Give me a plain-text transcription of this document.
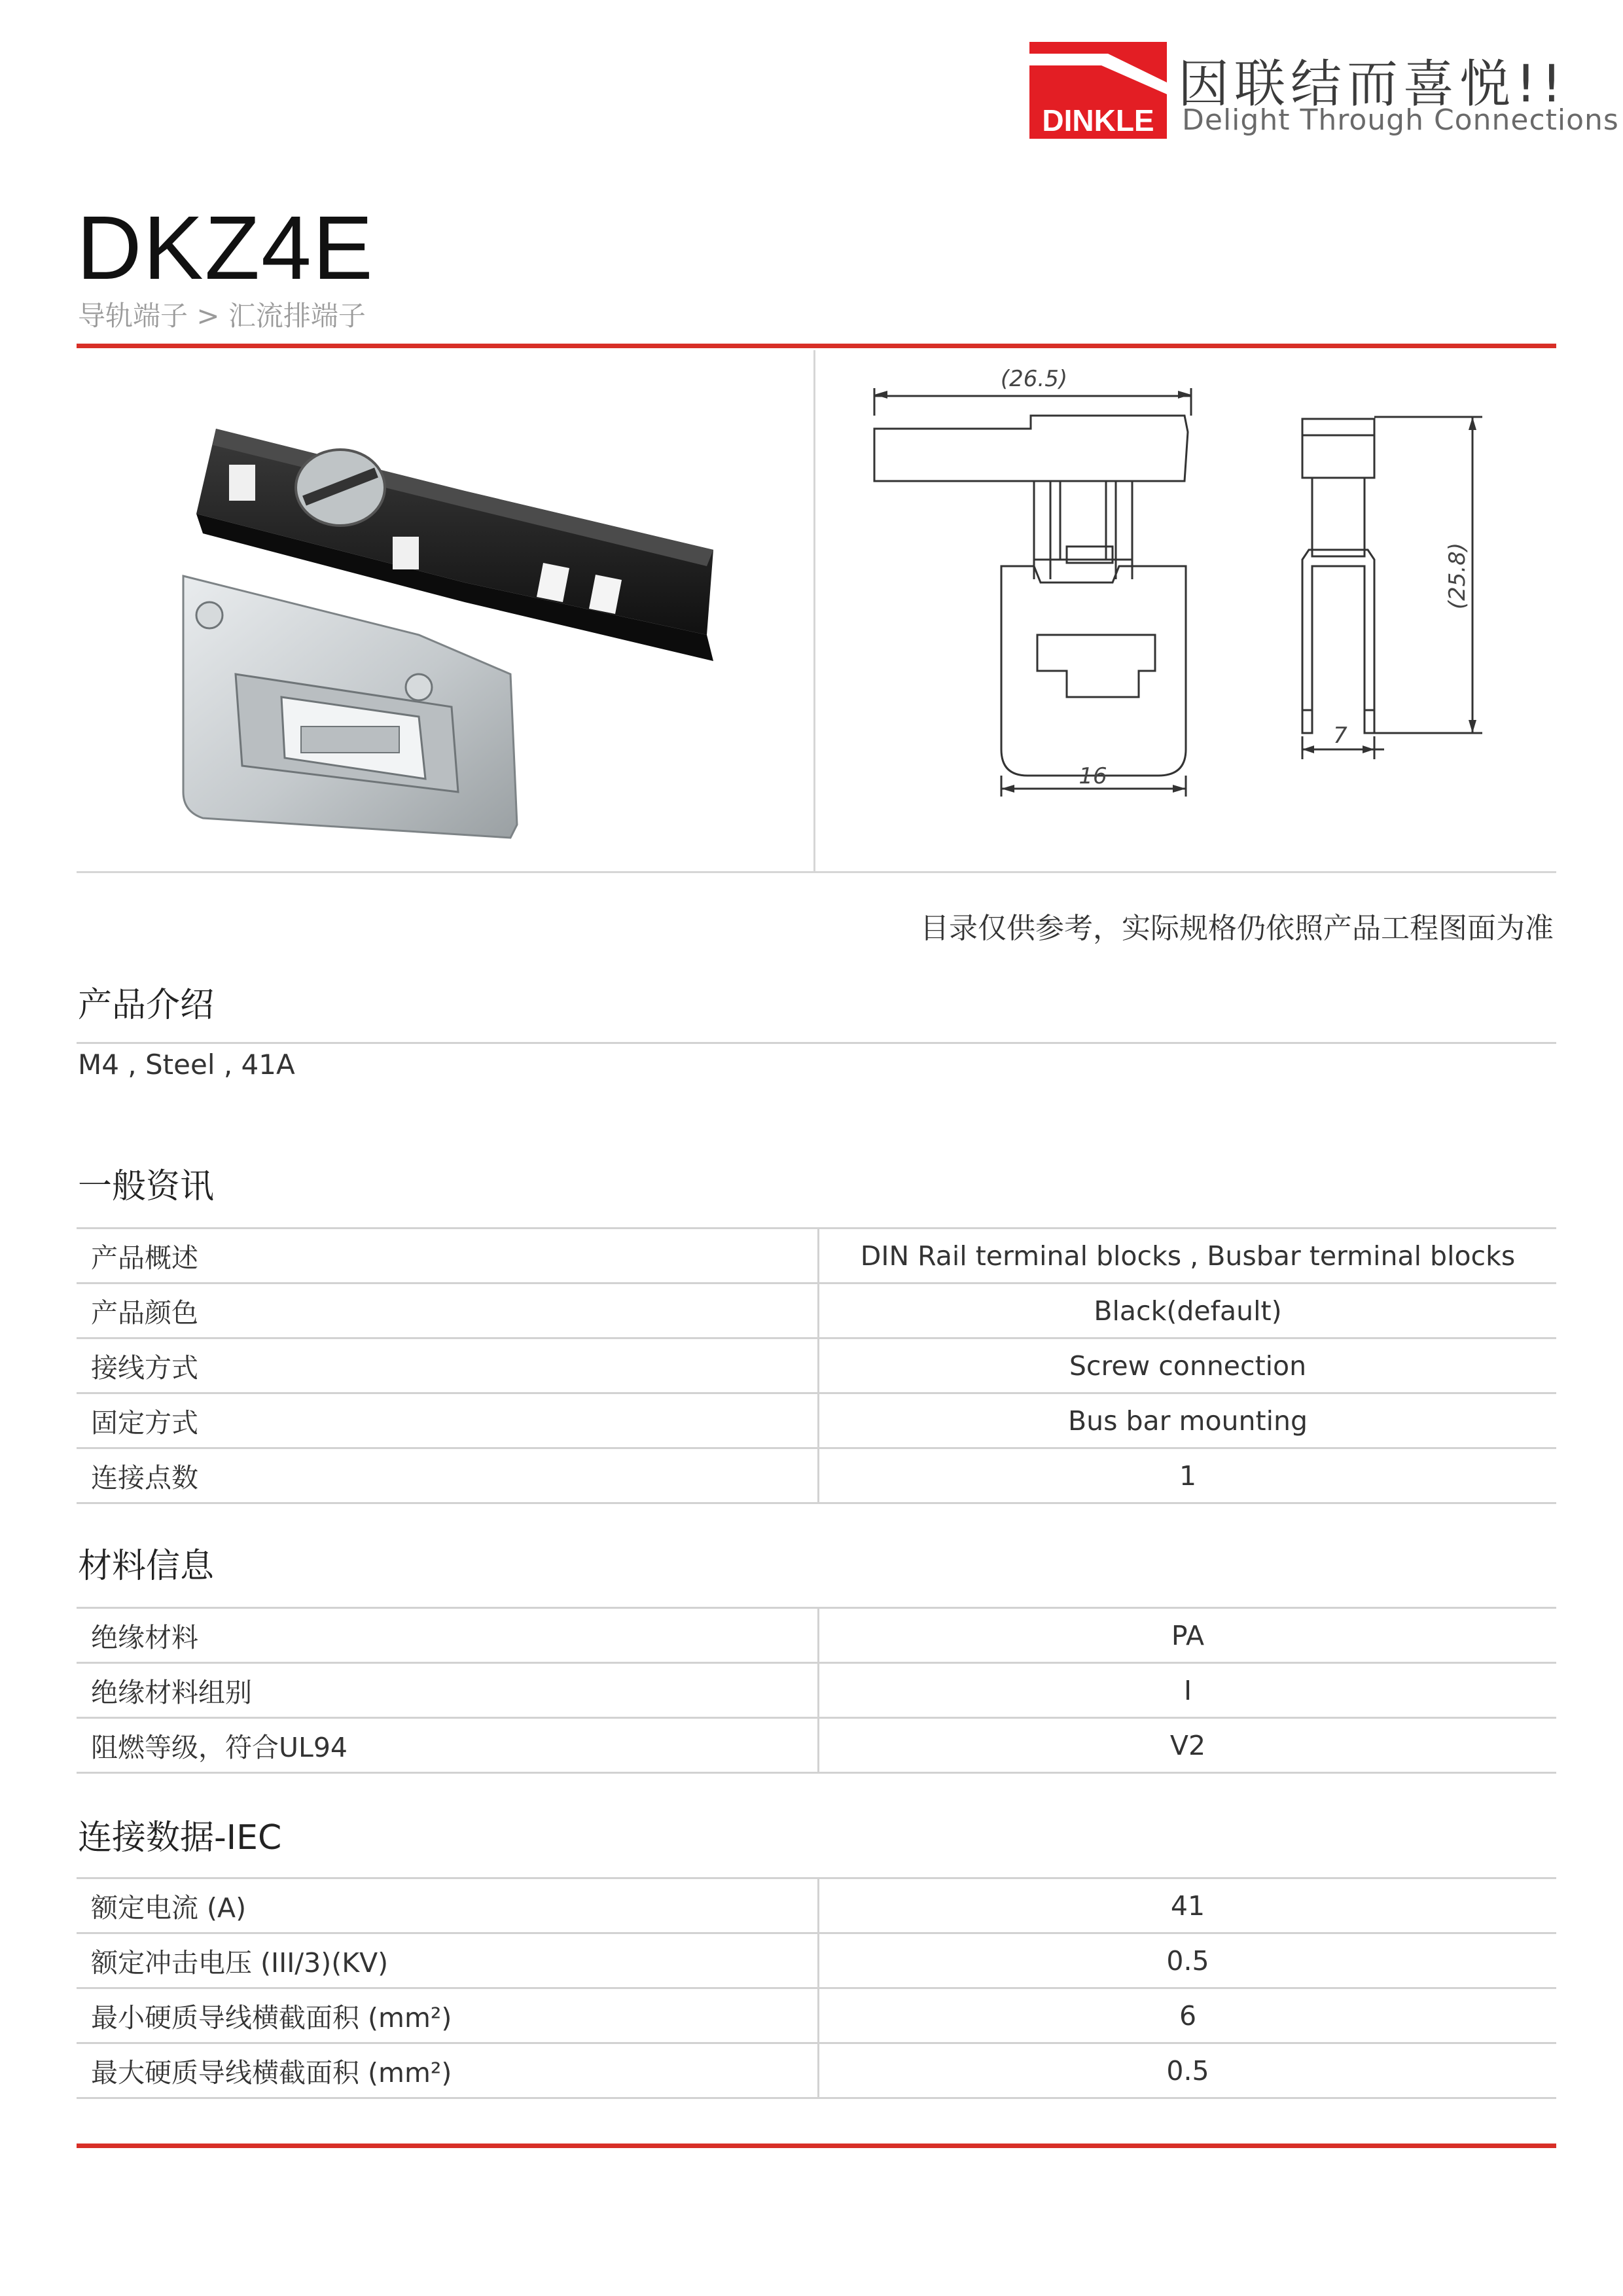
DINKLE
因联结而喜悦!!
Delight Through Connections
DKZ4E
导轨端子 > 汇流排端子
(26.5)
16
7
(25.8)
目录仅供参考，实际规格仍依照产品工程图面为准
产品介绍
M4 , Steel , 41A
一般资讯
产品概述	DIN Rail terminal blocks , Busbar terminal blocks
产品颜色	Black(default)
接线方式	Screw connection
固定方式	Bus bar mounting
连接点数	1
材料信息
绝缘材料	PA
绝缘材料组别	I
阻燃等级，符合UL94	V2
连接数据-IEC
额定电流 (A)	41
额定冲击电压 (III/3)(KV)	0.5
最小硬质导线横截面积 (mm²)	6
最大硬质导线横截面积 (mm²)	0.5
